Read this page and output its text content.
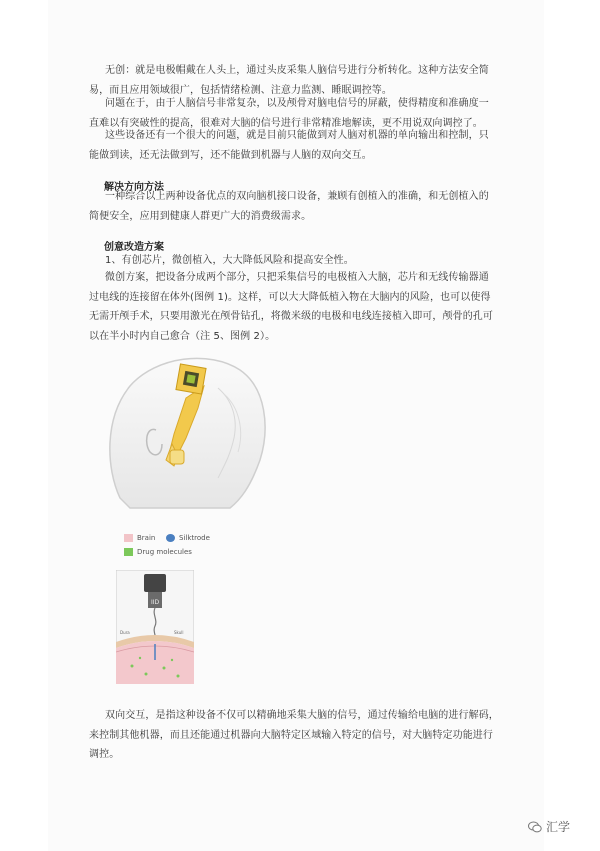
无创：就是电极帽戴在人头上，通过头皮采集人脑信号进行分析转化。这种方法安全简
易，而且应用领域很广，包括情绪检测、注意力监测、睡眠调控等。
问题在于，由于人脑信号非常复杂，以及颅骨对脑电信号的屏蔽，使得精度和准确度一
直难以有突破性的提高，很难对大脑的信号进行非常精准地解读，更不用说双向调控了。
这些设备还有一个很大的问题，就是目前只能做到对人脑对机器的单向输出和控制，只
能做到读，还无法做到写，还不能做到机器与人脑的双向交互。

解决方向方法

一种综合以上两种设备优点的双向脑机接口设备，兼顾有创植入的准确，和无创植入的
简便安全，应用到健康人群更广大的消费级需求。

创意改造方案

1、有创芯片，微创植入，大大降低风险和提高安全性。
微创方案，把设备分成两个部分，只把采集信号的电极植入大脑，芯片和无线传输器通
过电线的连接留在体外(图例 1)。这样，可以大大降低植入物在大脑内的风险，也可以使得
无需开颅手术，只要用激光在颅骨钻孔，将微米级的电极和电线连接植入即可，颅骨的孔可
以在半小时内自己愈合（注 5、图例 2）。
Brain	Silktrode
Drug molecules
IID
Dura	Skull
双向交互，是指这种设备不仅可以精确地采集大脑的信号，通过传输给电脑的进行解码，
来控制其他机器，而且还能通过机器向大脑特定区域输入特定的信号，对大脑特定功能进行
调控。
汇学
